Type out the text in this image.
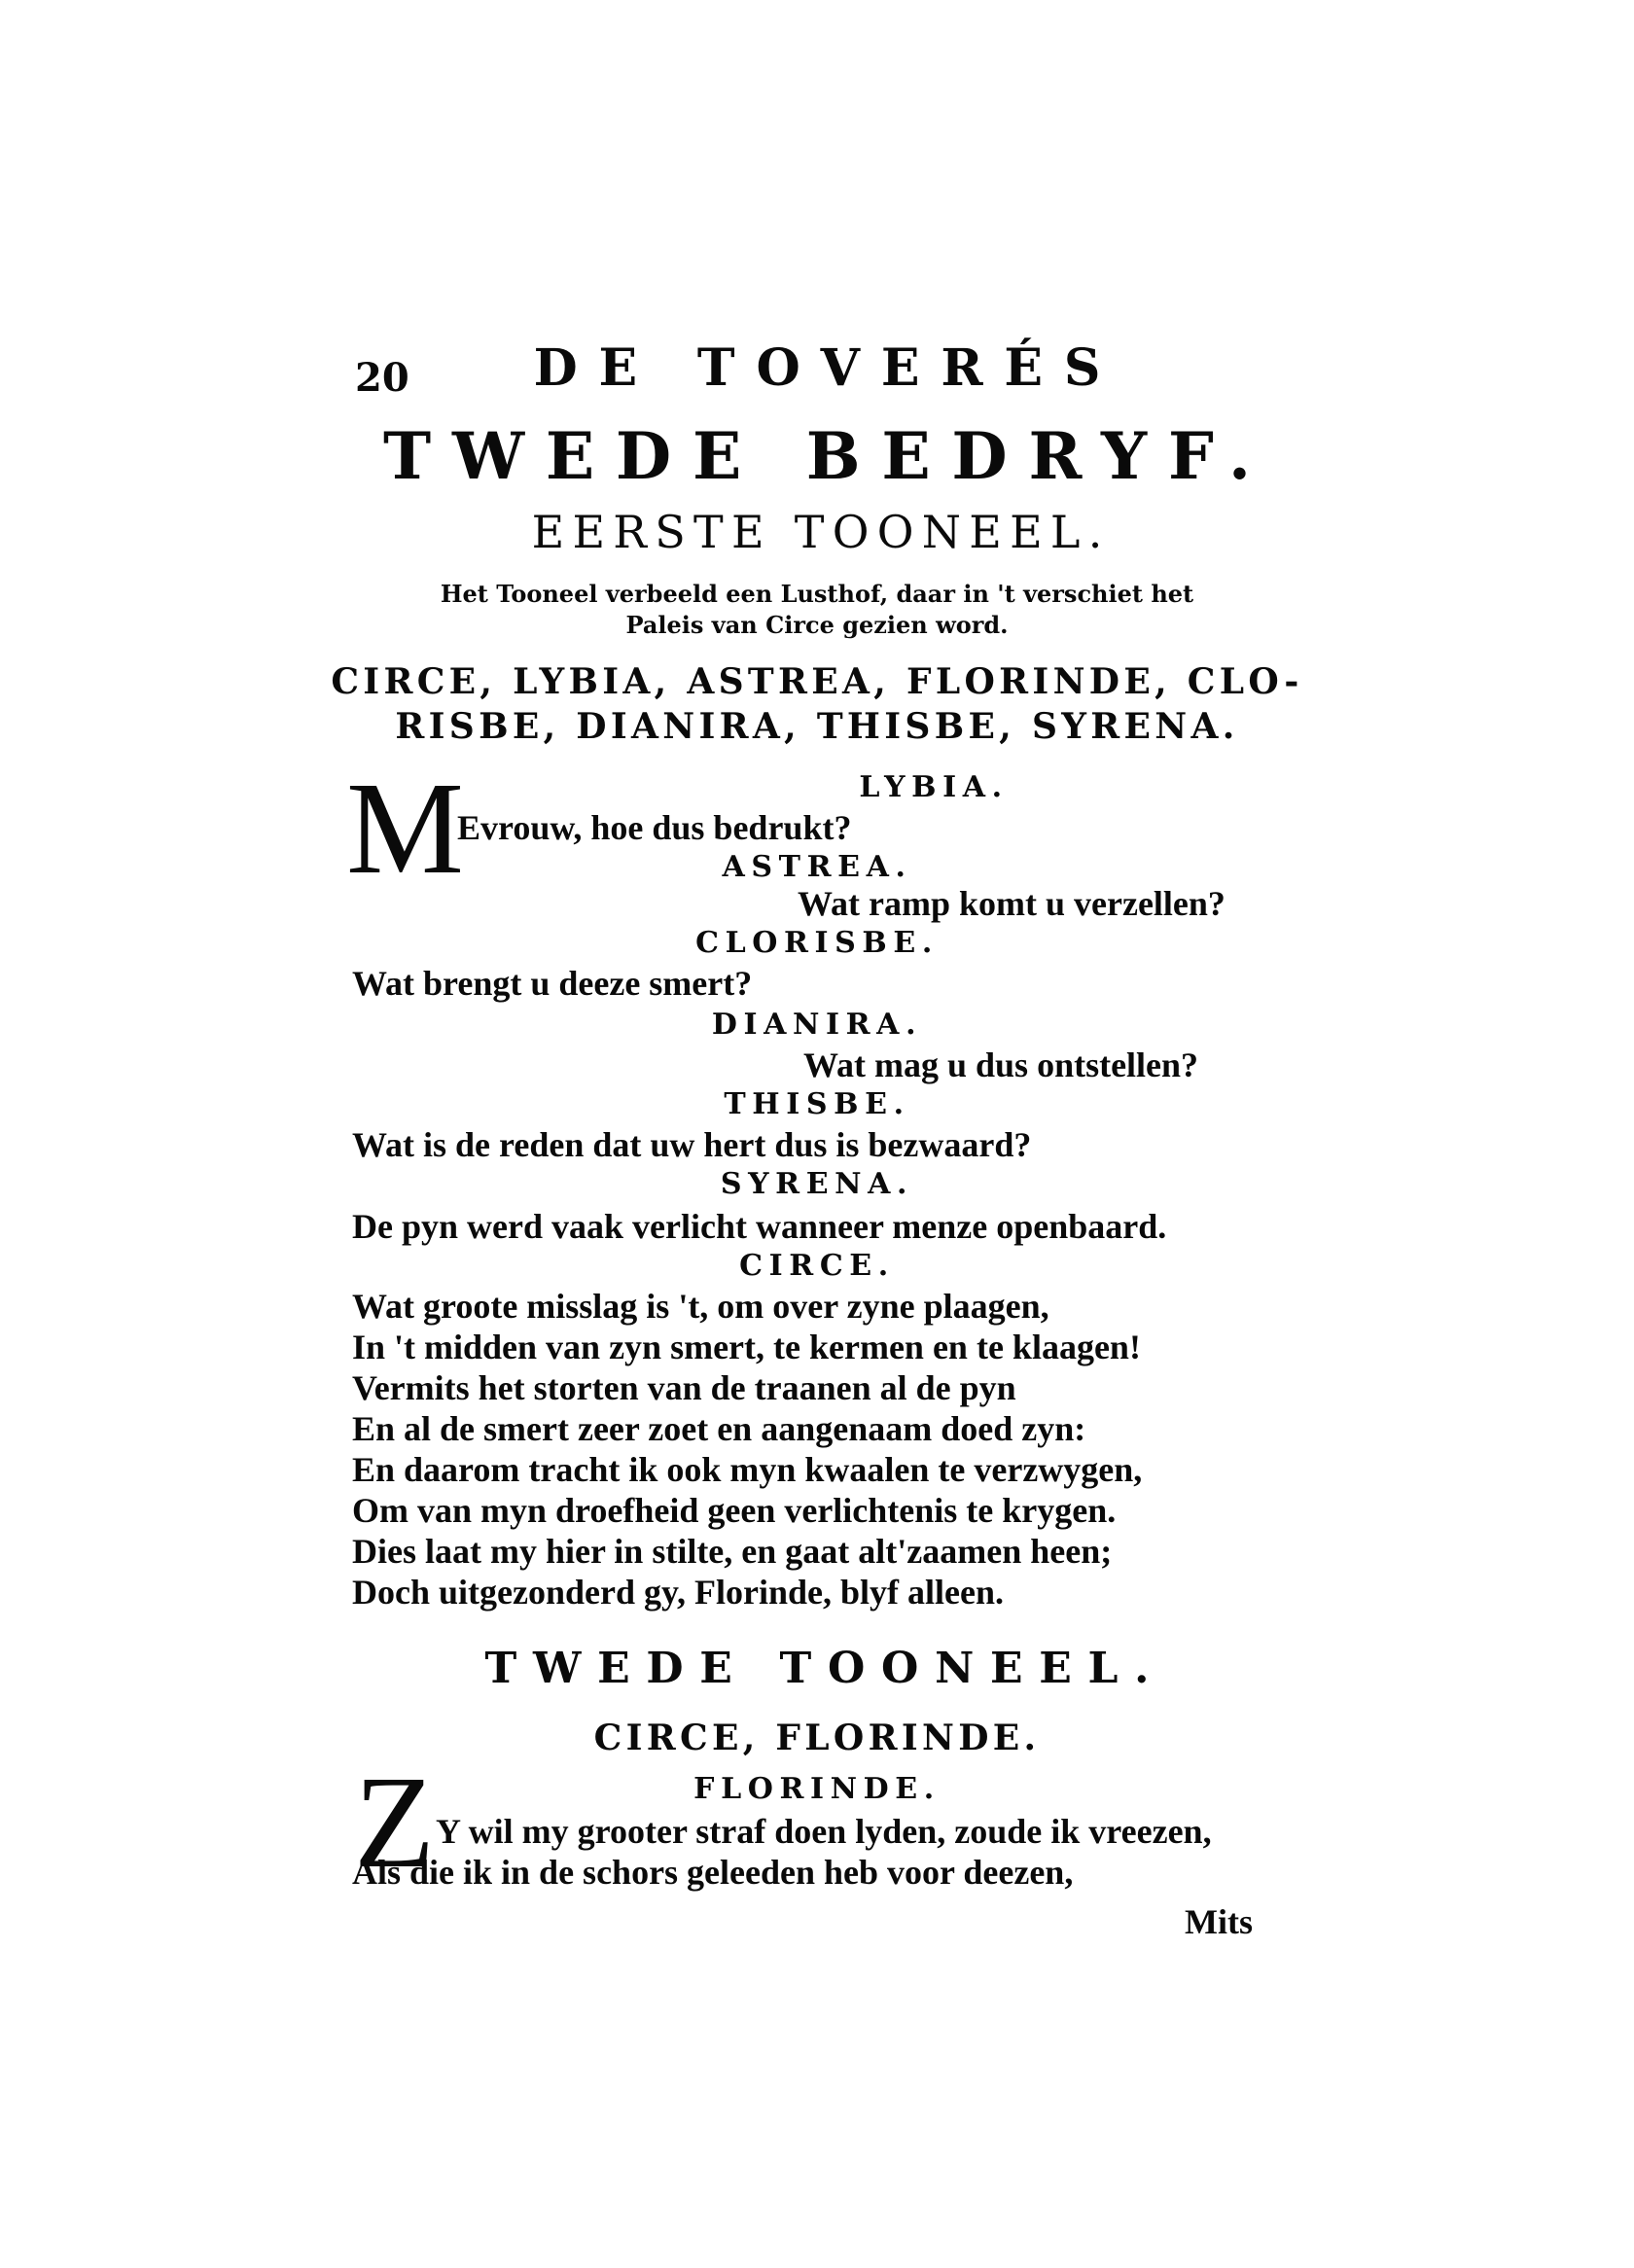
20	DE TOVERÉS
TWEDE BEDRYF.
EERSTE TOONEEL.
Het Tooneel verbeeld een Lusthof, daar in 't verschiet het
Paleis van Circe gezien word.
CIRCE, LYBIA, ASTREA, FLORINDE, CLO-
RISBE, DIANIRA, THISBE, SYRENA.
LYBIA.
M
Evrouw, hoe dus bedrukt?
ASTREA.
Wat ramp komt u verzellen?
CLORISBE.
Wat brengt u deeze smert?
DIANIRA.
Wat mag u dus ontstellen?
THISBE.
Wat is de reden dat uw hert dus is bezwaard?
SYRENA.
De pyn werd vaak verlicht wanneer menze openbaard.
CIRCE.
Wat groote misslag is 't, om over zyne plaagen,
In 't midden van zyn smert, te kermen en te klaagen!
Vermits het storten van de traanen al de pyn
En al de smert zeer zoet en aangenaam doed zyn:
En daarom tracht ik ook myn kwaalen te verzwygen,
Om van myn droefheid geen verlichtenis te krygen.
Dies laat my hier in stilte, en gaat alt'zaamen heen;
Doch uitgezonderd gy, Florinde, blyf alleen.
TWEDE TOONEEL.
CIRCE, FLORINDE.
FLORINDE.
Z Y wil my grooter straf doen lyden, zoude ik vreezen,
Als die ik in de schors geleeden heb voor deezen,
Mits
